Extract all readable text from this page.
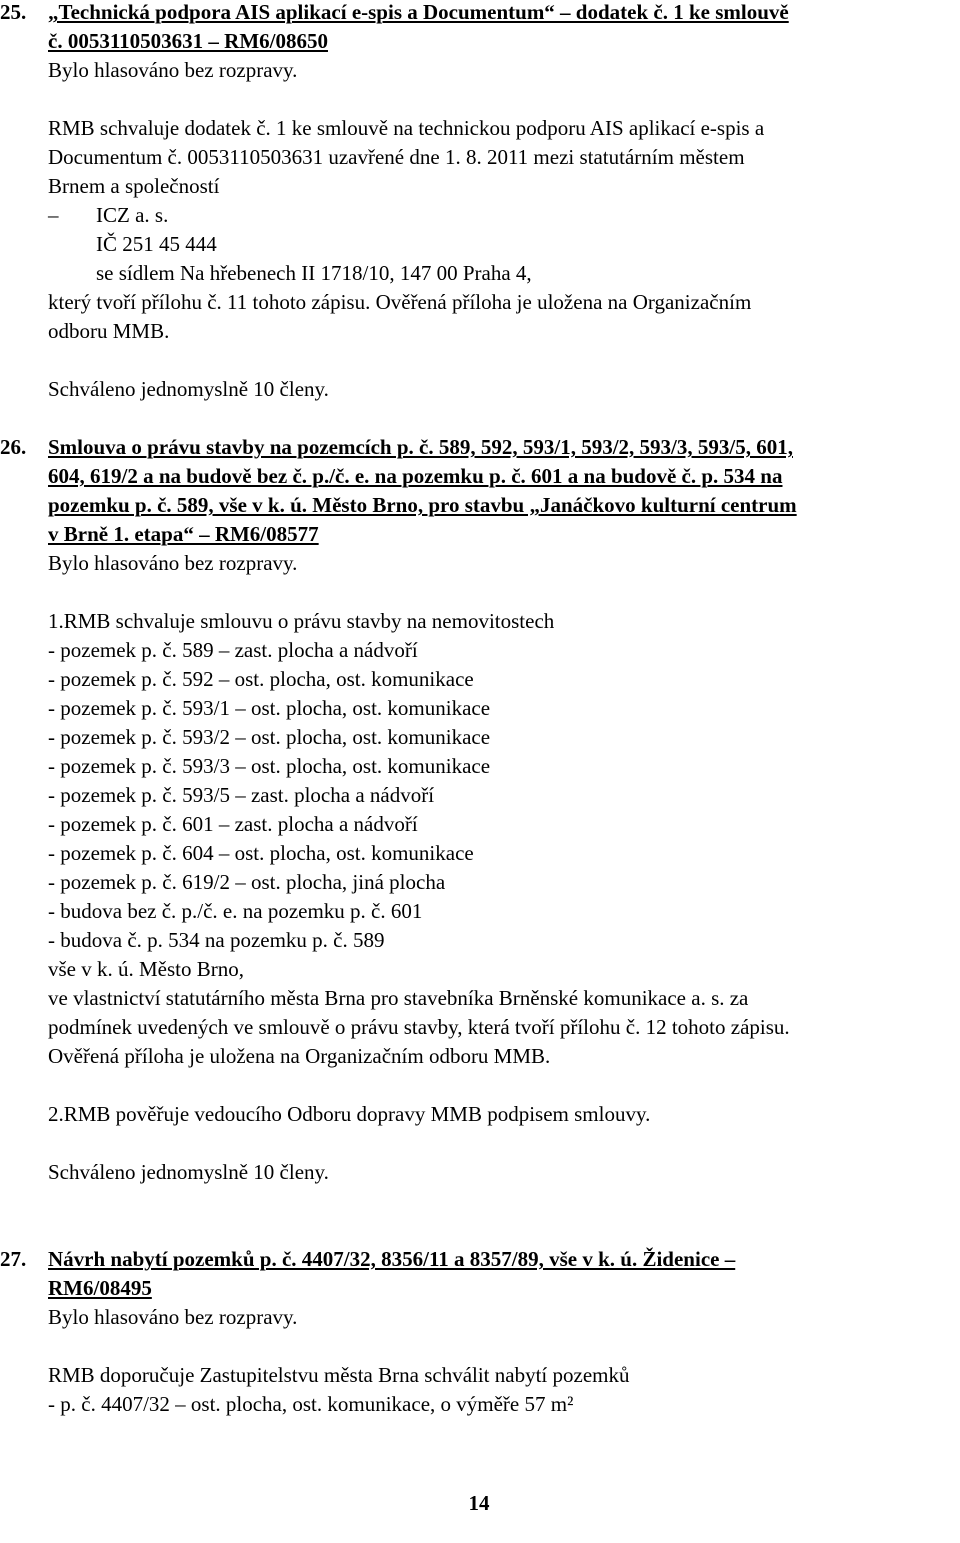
25. „Technická podpora AIS aplikací e-spis a Documentum“ – dodatek č. 1 ke smlouvě
č. 0053110503631 – RM6/08650
Bylo hlasováno bez rozpravy.
RMB schvaluje dodatek č. 1 ke smlouvě na technickou podporu AIS aplikací e-spis a
Documentum č. 0053110503631 uzavřené dne 1. 8. 2011 mezi statutárním městem
Brnem a společností
– ICZ a. s.
IČ 251 45 444
se sídlem Na hřebenech II 1718/10, 147 00 Praha 4,
který tvoří přílohu č. 11 tohoto zápisu. Ověřená příloha je uložena na Organizačním
odboru MMB.
Schváleno jednomyslně 10 členy.
26. Smlouva o právu stavby na pozemcích p. č. 589, 592, 593/1, 593/2, 593/3, 593/5, 601,
604, 619/2 a na budově bez č. p./č. e. na pozemku p. č. 601 a na budově č. p. 534 na
pozemku p. č. 589, vše v k. ú. Město Brno, pro stavbu „Janáčkovo kulturní centrum
v Brně 1. etapa“ – RM6/08577
Bylo hlasováno bez rozpravy.
1.RMB schvaluje smlouvu o právu stavby na nemovitostech
- pozemek p. č. 589 – zast. plocha a nádvoří
- pozemek p. č. 592 – ost. plocha, ost. komunikace
- pozemek p. č. 593/1 – ost. plocha, ost. komunikace
- pozemek p. č. 593/2 – ost. plocha, ost. komunikace
- pozemek p. č. 593/3 – ost. plocha, ost. komunikace
- pozemek p. č. 593/5 – zast. plocha a nádvoří
- pozemek p. č. 601 – zast. plocha a nádvoří
- pozemek p. č. 604 – ost. plocha, ost. komunikace
- pozemek p. č. 619/2 – ost. plocha, jiná plocha
- budova bez č. p./č. e. na pozemku p. č. 601
- budova č. p. 534 na pozemku p. č. 589
vše v k. ú. Město Brno,
ve vlastnictví statutárního města Brna pro stavebníka Brněnské komunikace a. s. za
podmínek uvedených ve smlouvě o právu stavby, která tvoří přílohu č. 12 tohoto zápisu.
Ověřená příloha je uložena na Organizačním odboru MMB.
2.RMB pověřuje vedoucího Odboru dopravy MMB podpisem smlouvy.
Schváleno jednomyslně 10 členy.
27. Návrh nabytí pozemků p. č. 4407/32, 8356/11 a 8357/89, vše v k. ú. Židenice –
RM6/08495
Bylo hlasováno bez rozpravy.
RMB doporučuje Zastupitelstvu města Brna schválit nabytí pozemků
- p. č. 4407/32 – ost. plocha, ost. komunikace, o výměře 57 m²
14
